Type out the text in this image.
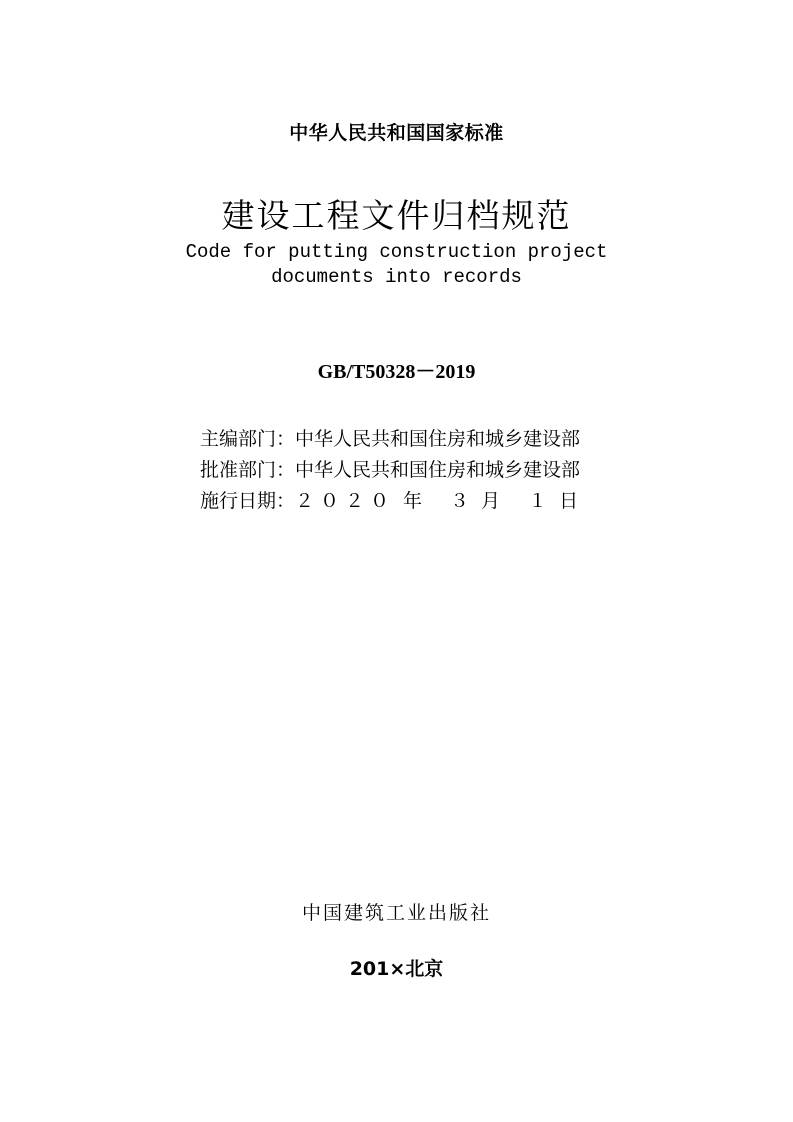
中华人民共和国国家标准
建设工程文件归档规范
Code for putting construction project
documents into records
GB/T50328－2019
主编部门：中华人民共和国住房和城乡建设部
批准部门：中华人民共和国住房和城乡建设部
施行日期：２０２０ 年 ３ 月 １ 日
中国建筑工业出版社
201×北京
